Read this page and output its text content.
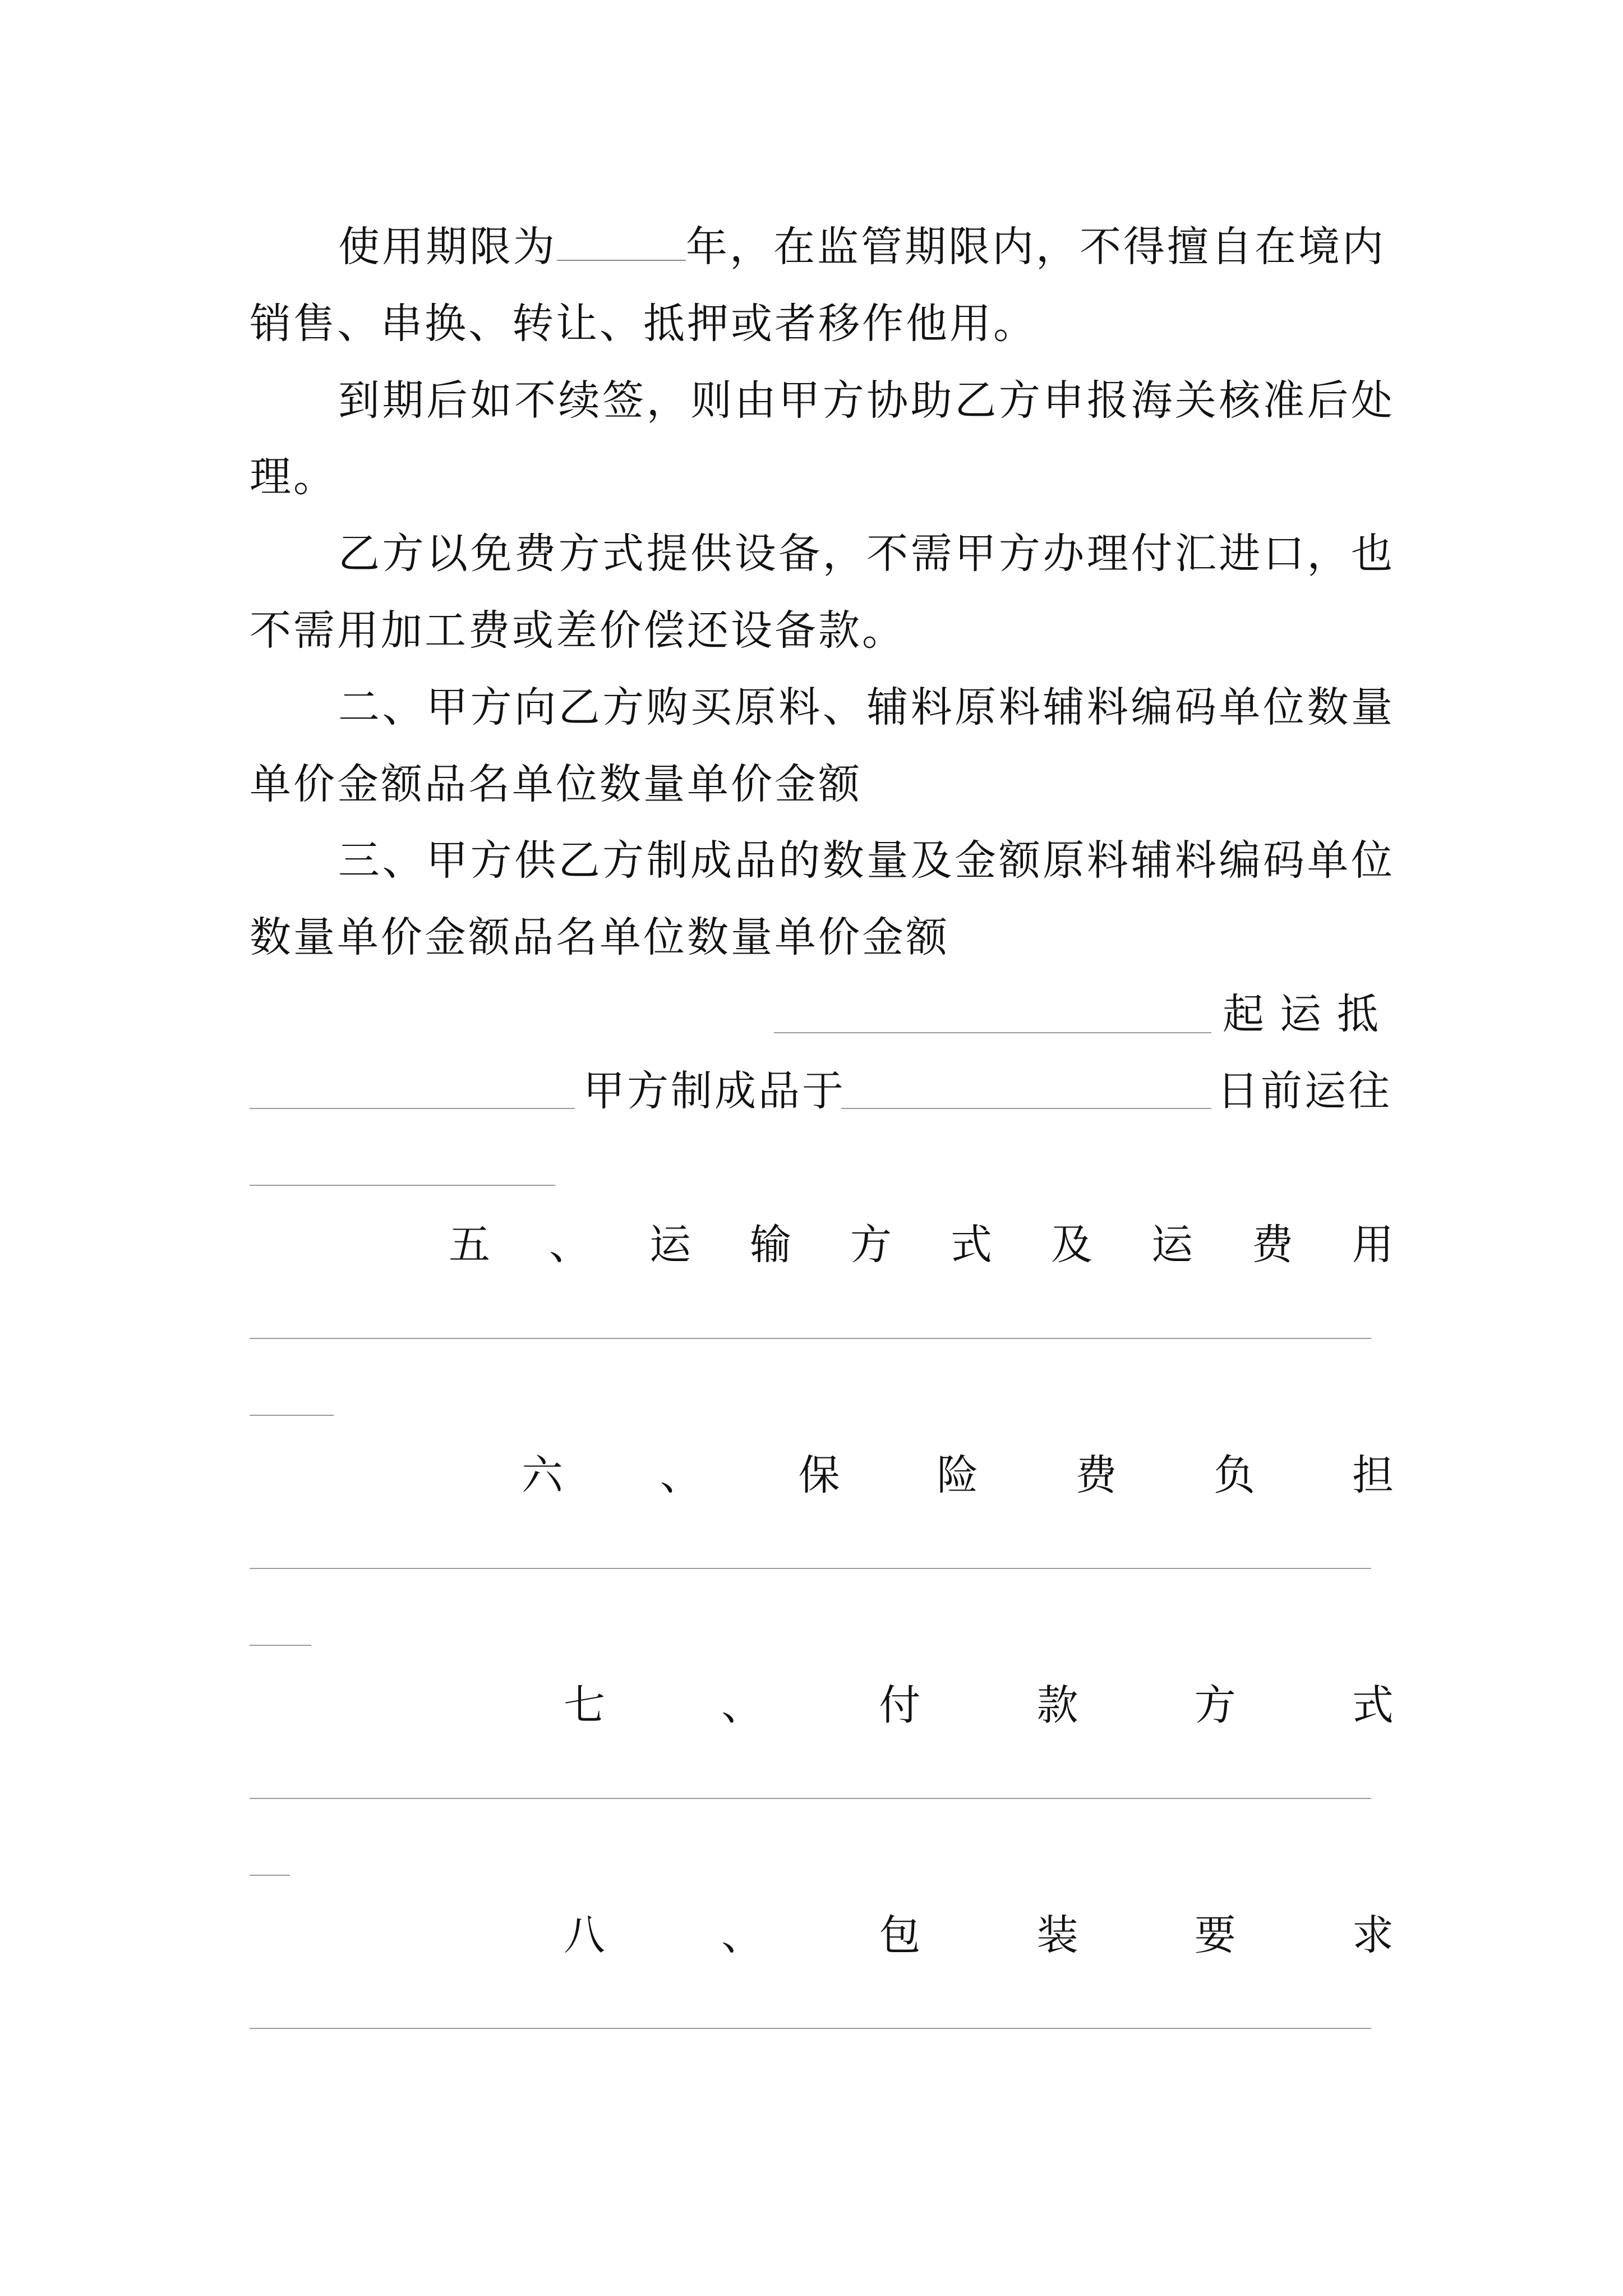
使用期限为	年，在监管期限内，不得擅自在境内
销售、串换、转让、抵押或者移作他用。
到期后如不续签，则由甲方协助乙方申报海关核准后处
理。
乙方以免费方式提供设备，不需甲方办理付汇进口，也
不需用加工费或差价偿还设备款。
二、甲方向乙方购买原料、辅料原料辅料编码单位数量
单价金额品名单位数量单价金额
三、甲方供乙方制成品的数量及金额原料辅料编码单位
数量单价金额品名单位数量单价金额
起运抵
甲方制成品于	日前运往
五 、 运 输 方 式 及 运 费 用
六 、 保 险 费 负 担
七	、	付	款	方	式
八	、	包	装	要	求
